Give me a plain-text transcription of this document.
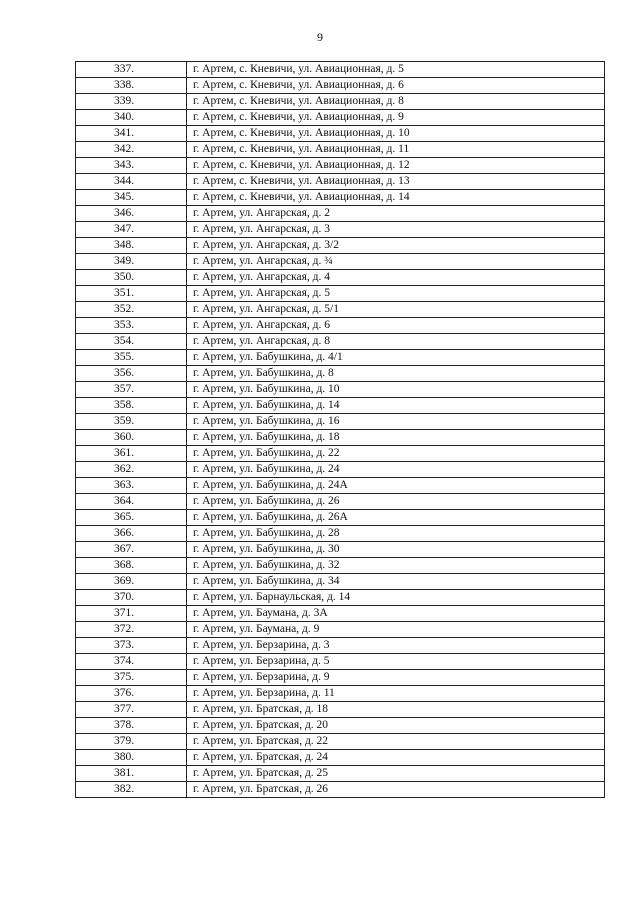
9
337.	г. Артем, с. Кневичи, ул. Авиационная, д. 5
338.	г. Артем, с. Кневичи, ул. Авиационная, д. 6
339.	г. Артем, с. Кневичи, ул. Авиационная, д. 8
340.	г. Артем, с. Кневичи, ул. Авиационная, д. 9
341.	г. Артем, с. Кневичи, ул. Авиационная, д. 10
342.	г. Артем, с. Кневичи, ул. Авиационная, д. 11
343.	г. Артем, с. Кневичи, ул. Авиационная, д. 12
344.	г. Артем, с. Кневичи, ул. Авиационная, д. 13
345.	г. Артем, с. Кневичи, ул. Авиационная, д. 14
346.	г. Артем, ул. Ангарская, д. 2
347.	г. Артем, ул. Ангарская, д. 3
348.	г. Артем, ул. Ангарская, д. 3/2
349.	г. Артем, ул. Ангарская, д. ¾
350.	г. Артем, ул. Ангарская, д. 4
351.	г. Артем, ул. Ангарская, д. 5
352.	г. Артем, ул. Ангарская, д. 5/1
353.	г. Артем, ул. Ангарская, д. 6
354.	г. Артем, ул. Ангарская, д. 8
355.	г. Артем, ул. Бабушкина, д. 4/1
356.	г. Артем, ул. Бабушкина, д. 8
357.	г. Артем, ул. Бабушкина, д. 10
358.	г. Артем, ул. Бабушкина, д. 14
359.	г. Артем, ул. Бабушкина, д. 16
360.	г. Артем, ул. Бабушкина, д. 18
361.	г. Артем, ул. Бабушкина, д. 22
362.	г. Артем, ул. Бабушкина, д. 24
363.	г. Артем, ул. Бабушкина, д. 24А
364.	г. Артем, ул. Бабушкина, д. 26
365.	г. Артем, ул. Бабушкина, д. 26А
366.	г. Артем, ул. Бабушкина, д. 28
367.	г. Артем, ул. Бабушкина, д. 30
368.	г. Артем, ул. Бабушкина, д. 32
369.	г. Артем, ул. Бабушкина, д. 34
370.	г. Артем, ул. Барнаульская, д. 14
371.	г. Артем, ул. Баумана, д. 3А
372.	г. Артем, ул. Баумана, д. 9
373.	г. Артем, ул. Берзарина, д. 3
374.	г. Артем, ул. Берзарина, д. 5
375.	г. Артем, ул. Берзарина, д. 9
376.	г. Артем, ул. Берзарина, д. 11
377.	г. Артем, ул. Братская, д. 18
378.	г. Артем, ул. Братская, д. 20
379.	г. Артем, ул. Братская, д. 22
380.	г. Артем, ул. Братская, д. 24
381.	г. Артем, ул. Братская, д. 25
382.	г. Артем, ул. Братская, д. 26
